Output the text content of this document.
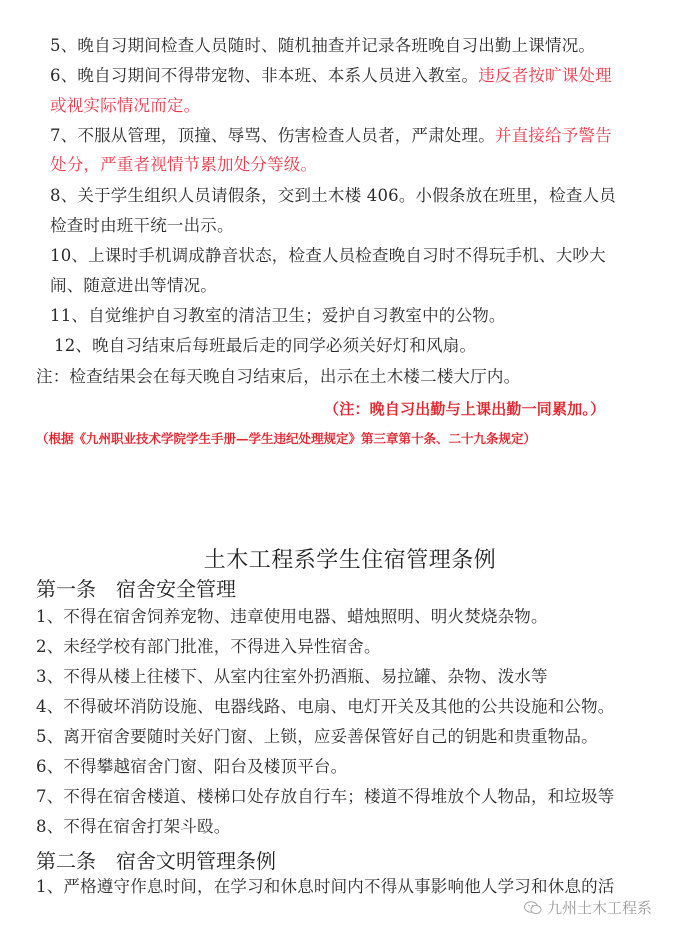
5、晚自习期间检查人员随时、随机抽查并记录各班晚自习出勤上课情况。
6、晚自习期间不得带宠物、非本班、本系人员进入教室。违反者按旷课处理
或视实际情况而定。
7、不服从管理，顶撞、辱骂、伤害检查人员者，严肃处理。并直接给予警告
处分，严重者视情节累加处分等级。
8、关于学生组织人员请假条，交到土木楼 406。小假条放在班里，检查人员
检查时由班干统一出示。
10、上课时手机调成静音状态，检查人员检查晚自习时不得玩手机、大吵大
闹、随意进出等情况。
11、自觉维护自习教室的清洁卫生；爱护自习教室中的公物。
12、晚自习结束后每班最后走的同学必须关好灯和风扇。
注：检查结果会在每天晚自习结束后，出示在土木楼二楼大厅内。
（注：晚自习出勤与上课出勤一同累加。）
（根据《九州职业技术学院学生手册—学生违纪处理规定》第三章第十条、二十九条规定）
土木工程系学生住宿管理条例
第一条　宿舍安全管理
1、不得在宿舍饲养宠物、违章使用电器、蜡烛照明、明火焚烧杂物。
2、未经学校有部门批准，不得进入异性宿舍。
3、不得从楼上往楼下、从室内往室外扔酒瓶、易拉罐、杂物、泼水等
4、不得破坏消防设施、电器线路、电扇、电灯开关及其他的公共设施和公物。
5、离开宿舍要随时关好门窗、上锁，应妥善保管好自己的钥匙和贵重物品。
6、不得攀越宿舍门窗、阳台及楼顶平台。
7、不得在宿舍楼道、楼梯口处存放自行车；楼道不得堆放个人物品，和垃圾等
8、不得在宿舍打架斗殴。
第二条　宿舍文明管理条例
1、严格遵守作息时间，在学习和休息时间内不得从事影响他人学习和休息的活
九州土木工程系
